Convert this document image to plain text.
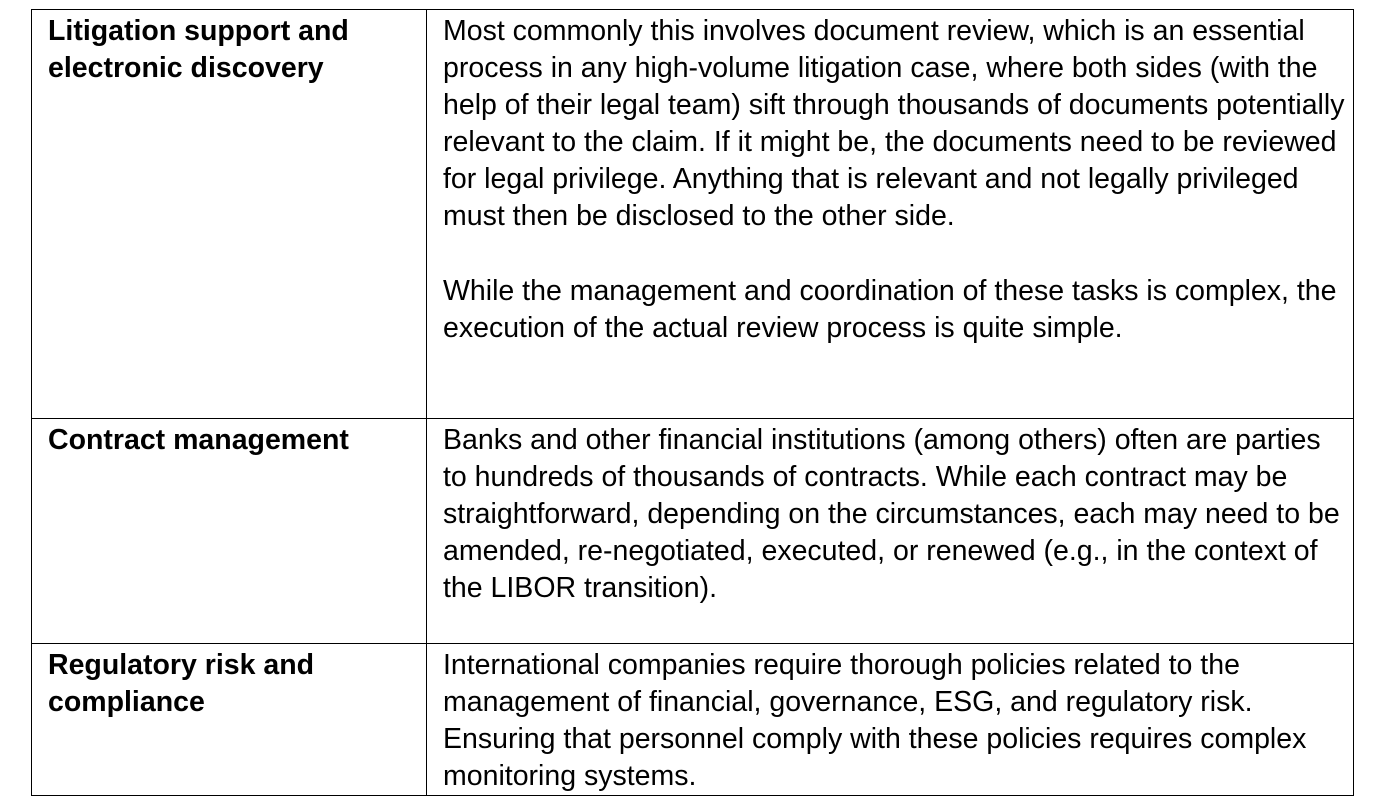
Litigation support and electronic discovery	Most commonly this involves document review, which is an essential process in any high-volume litigation case, where both sides (with the help of their legal team) sift through thousands of documents potentially relevant to the claim. If it might be, the documents need to be reviewed for legal privilege. Anything that is relevant and not legally privileged must then be disclosed to the other side.

While the management and coordination of these tasks is complex, the execution of the actual review process is quite simple.

Contract management	Banks and other financial institutions (among others) often are parties to hundreds of thousands of contracts. While each contract may be straightforward, depending on the circumstances, each may need to be amended, re-negotiated, executed, or renewed (e.g., in the context of the LIBOR transition).

Regulatory risk and compliance	International companies require thorough policies related to the management of financial, governance, ESG, and regulatory risk. Ensuring that personnel comply with these policies requires complex monitoring systems.
